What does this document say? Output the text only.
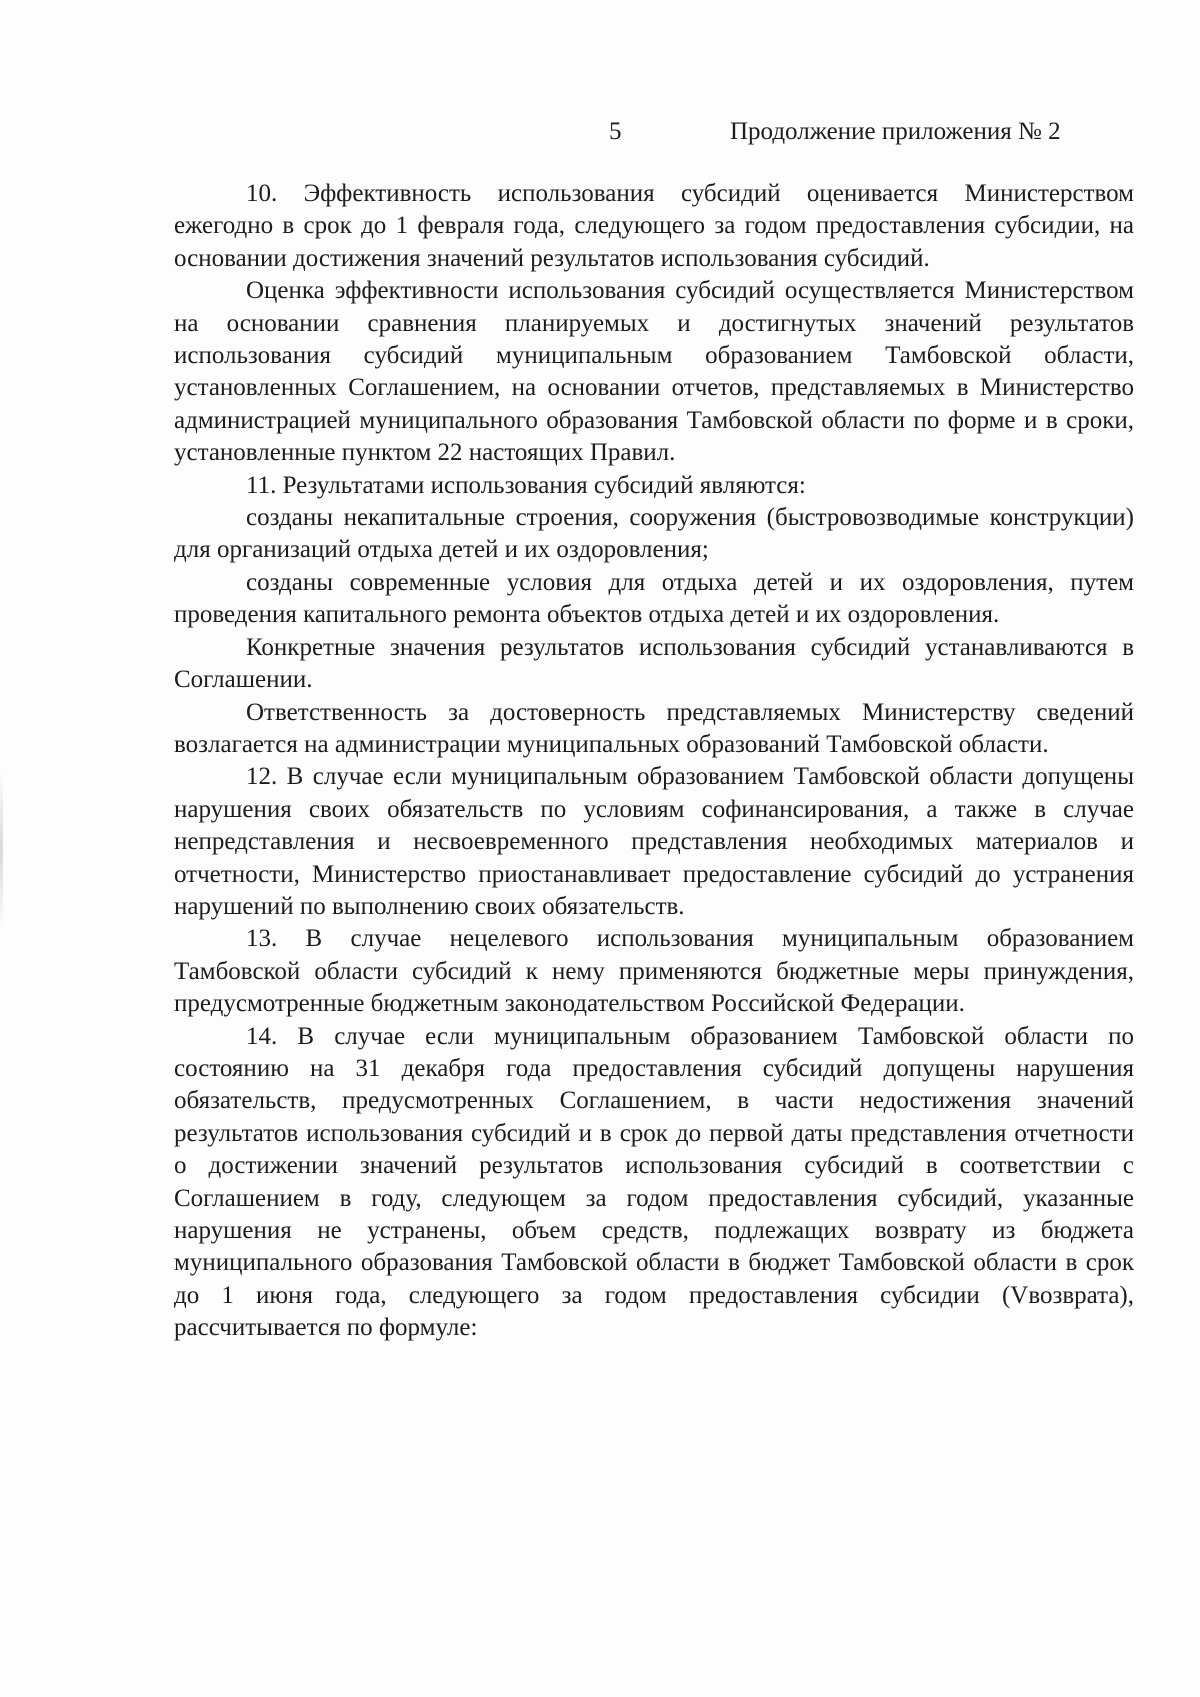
5	Продолжение приложения № 2

10. Эффективность использования субсидий оценивается Министерством ежегодно в срок до 1 февраля года, следующего за годом предоставления субсидии, на основании достижения значений результатов использования субсидий.

Оценка эффективности использования субсидий осуществляется Министерством на основании сравнения планируемых и достигнутых значений результатов использования субсидий муниципальным образованием Тамбовской области, установленных Соглашением, на основании отчетов, представляемых в Министерство администрацией муниципального образования Тамбовской области по форме и в сроки, установленные пунктом 22 настоящих Правил.

11. Результатами использования субсидий являются:

созданы некапитальные строения, сооружения (быстровозводимые конструкции) для организаций отдыха детей и их оздоровления;

созданы современные условия для отдыха детей и их оздоровления, путем проведения капитального ремонта объектов отдыха детей и их оздоровления.

Конкретные значения результатов использования субсидий устанавливаются в Соглашении.

Ответственность за достоверность представляемых Министерству сведений возлагается на администрации муниципальных образований Тамбовской области.

12. В случае если муниципальным образованием Тамбовской области допущены нарушения своих обязательств по условиям софинансирования, а также в случае непредставления и несвоевременного представления необходимых материалов и отчетности, Министерство приостанавливает предоставление субсидий до устранения нарушений по выполнению своих обязательств.

13. В случае нецелевого использования муниципальным образованием Тамбовской области субсидий к нему применяются бюджетные меры принуждения, предусмотренные бюджетным законодательством Российской Федерации.

14. В случае если муниципальным образованием Тамбовской области по состоянию на 31 декабря года предоставления субсидий допущены нарушения обязательств, предусмотренных Соглашением, в части недостижения значений результатов использования субсидий и в срок до первой даты представления отчетности о достижении значений результатов использования субсидий в соответствии с Соглашением в году, следующем за годом предоставления субсидий, указанные нарушения не устранены, объем средств, подлежащих возврату из бюджета муниципального образования Тамбовской области в бюджет Тамбовской области в срок до 1 июня года, следующего за годом предоставления субсидии (Vвозврата), рассчитывается по формуле:
